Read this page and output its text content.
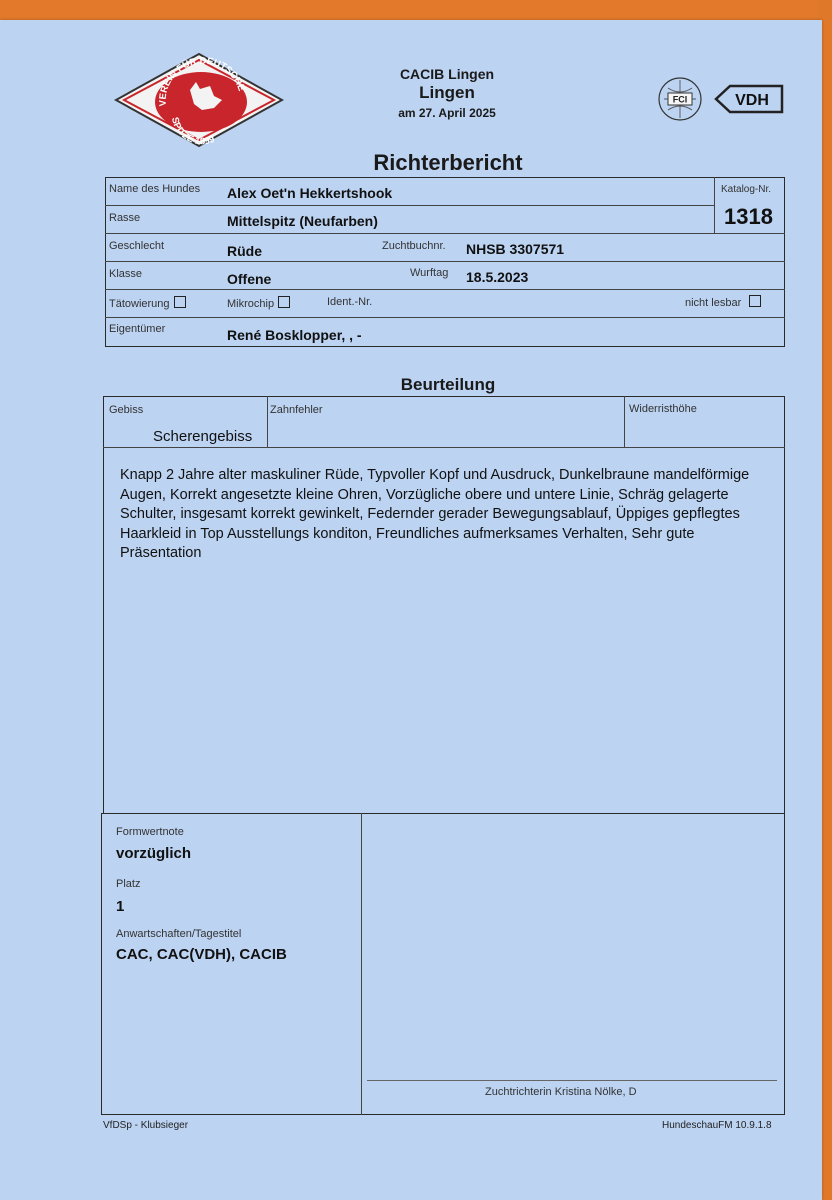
VEREIN FÜR DEUTSCHE
SPITZE 1899
CACIB Lingen
Lingen
am 27. April 2025
FCI	VDH
Richterbericht
Name des Hundes Alex Oet'n Hekkertshook	Katalog-Nr.
1318
Rasse	Mittelspitz (Neufarben)
Geschlecht	Rüde	Zuchtbuchnr. NHSB 3307571
Klasse	Offene	Wurftag 18.5.2023
Tätowierung	Mikrochip	Ident.-Nr.	nicht lesbar
Eigentümer	René Bosklopper, , -
Beurteilung
Gebiss
Scherengebiss
Zahnfehler	Widerristhöhe
Knapp 2 Jahre alter maskuliner Rüde, Typvoller Kopf und Ausdruck, Dunkelbraune mandelförmige Augen, Korrekt angesetzte kleine Ohren, Vorzügliche obere und untere Linie, Schräg gelagerte Schulter, insgesamt korrekt gewinkelt, Federnder gerader Bewegungsablauf, Üppiges gepflegtes Haarkleid in Top Ausstellungs konditon, Freundliches aufmerksames Verhalten, Sehr gute Präsentation
Formwertnote
vorzüglich
Platz
1
Anwartschaften/Tagestitel
CAC, CAC(VDH), CACIB
Zuchtrichterin Kristina Nölke, D
VfDSp - Klubsieger	HundeschauFM 10.9.1.8
